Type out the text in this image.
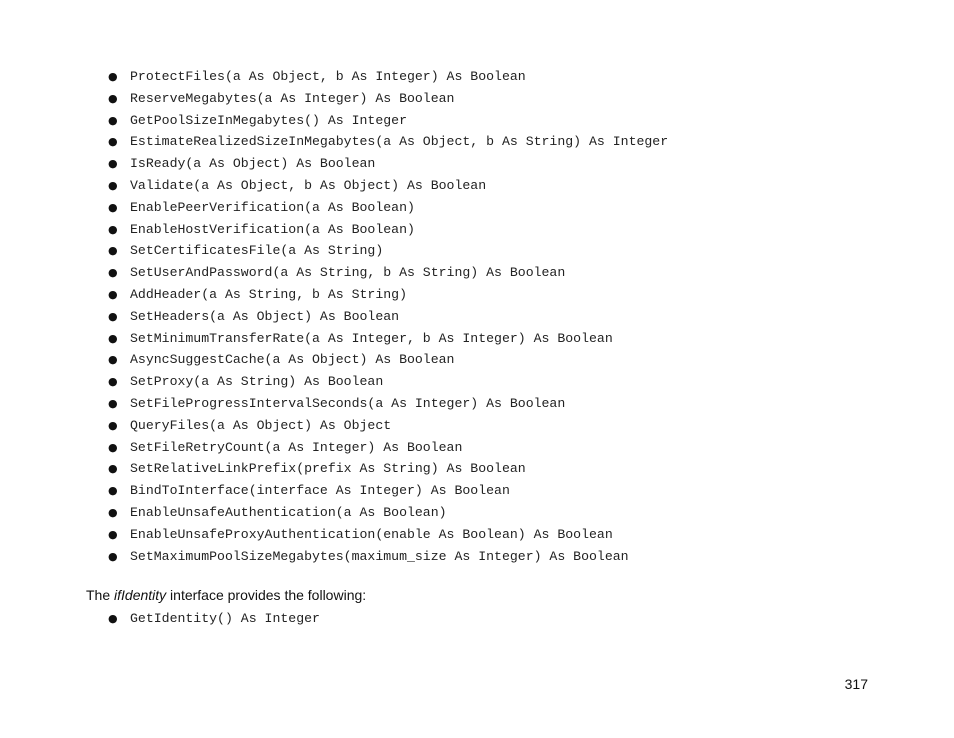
● ProtectFiles(a As Object, b As Integer) As Boolean
● ReserveMegabytes(a As Integer) As Boolean
● GetPoolSizeInMegabytes() As Integer
● EstimateRealizedSizeInMegabytes(a As Object, b As String) As Integer
● IsReady(a As Object) As Boolean
● Validate(a As Object, b As Object) As Boolean
● EnablePeerVerification(a As Boolean)
● EnableHostVerification(a As Boolean)
● SetCertificatesFile(a As String)
● SetUserAndPassword(a As String, b As String) As Boolean
● AddHeader(a As String, b As String)
● SetHeaders(a As Object) As Boolean
● SetMinimumTransferRate(a As Integer, b As Integer) As Boolean
● AsyncSuggestCache(a As Object) As Boolean
● SetProxy(a As String) As Boolean
● SetFileProgressIntervalSeconds(a As Integer) As Boolean
● QueryFiles(a As Object) As Object
● SetFileRetryCount(a As Integer) As Boolean
● SetRelativeLinkPrefix(prefix As String) As Boolean
● BindToInterface(interface As Integer) As Boolean
● EnableUnsafeAuthentication(a As Boolean)
● EnableUnsafeProxyAuthentication(enable As Boolean) As Boolean
● SetMaximumPoolSizeMegabytes(maximum_size As Integer) As Boolean

The ifIdentity interface provides the following:

● GetIdentity() As Integer
317
